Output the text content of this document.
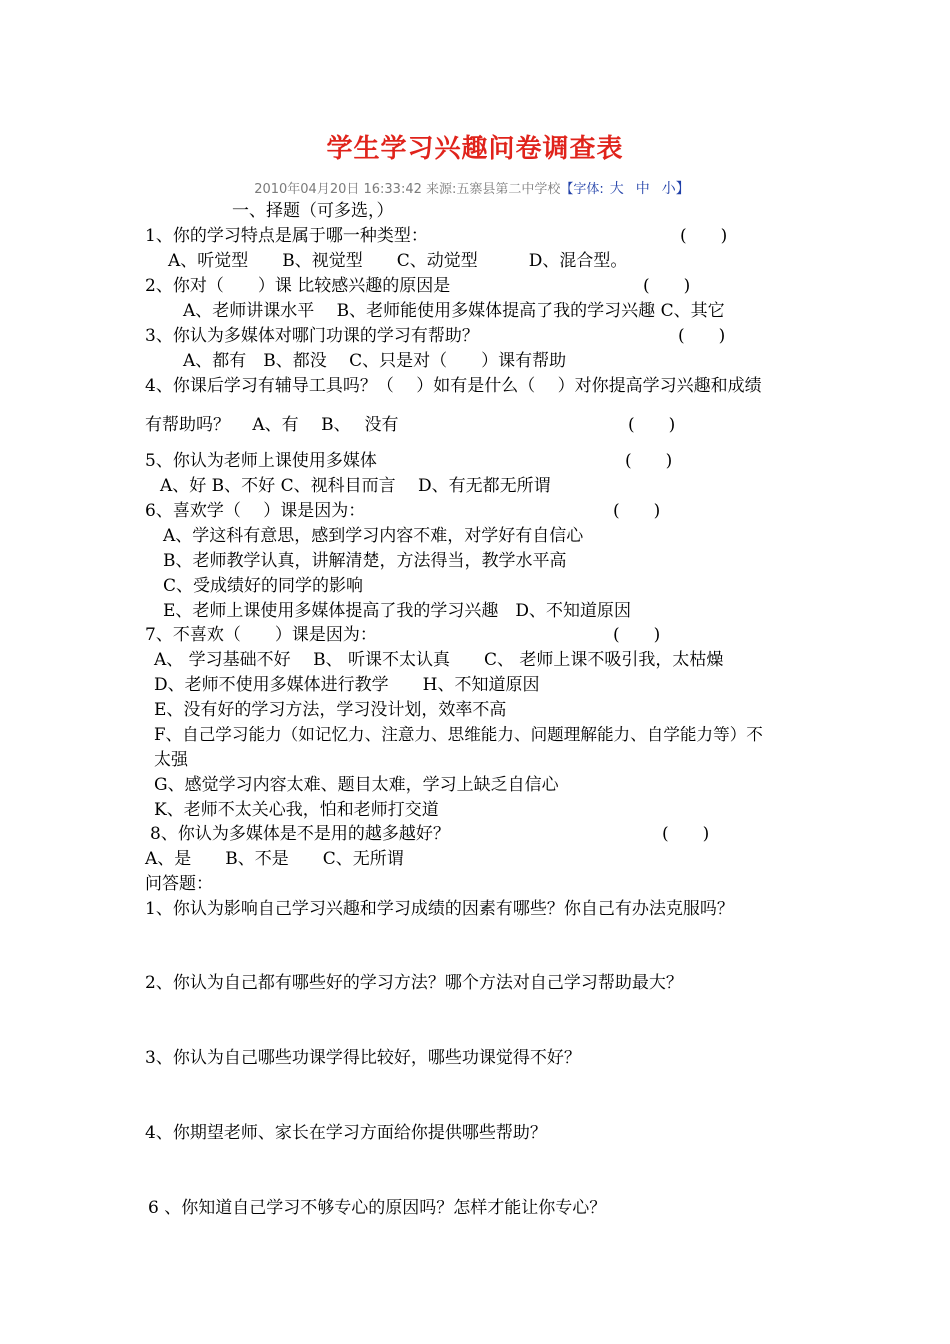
学生学习兴趣问卷调查表
2010年04月20日 16:33:42 来源:五寨县第二中学校【字体: 大 中 小】
一、择题（可多选，）
1、你的学习特点是属于哪一种类型：	(　　)
A、听觉型　　B、视觉型　　C、动觉型　　　D、混合型。
2、你对（　　）课 比较感兴趣的原因是	(　　)
A、老师讲课水平　 B、老师能使用多媒体提高了我的学习兴趣 C、其它
3、你认为多媒体对哪门功课的学习有帮助？	(　　)
A、都有　B、都没　 C、只是对（　　）课有帮助
4、你课后学习有辅导工具吗？（　 ）如有是什么（　 ）对你提高学习兴趣和成绩
有帮助吗？　 A、有　 B、　 没有	(　　)
5、你认为老师上课使用多媒体	(　　)
A、好 B、不好 C、视科目而言　 D、有无都无所谓
6、喜欢学（　 ）课是因为：	(　　)
A、学这科有意思，感到学习内容不难，对学好有自信心
B、老师教学认真，讲解清楚，方法得当，教学水平高
C、受成绩好的同学的影响
E、老师上课使用多媒体提高了我的学习兴趣　D、不知道原因
7、不喜欢（　　）课是因为：	(　　)
A、 学习基础不好　 B、 听课不太认真　　C、 老师上课不吸引我，太枯燥
D、老师不使用多媒体进行教学　　H、不知道原因
E、没有好的学习方法，学习没计划，效率不高
F、自己学习能力（如记忆力、注意力、思维能力、问题理解能力、自学能力等）不
太强
G、感觉学习内容太难、题目太难，学习上缺乏自信心
K、老师不太关心我，怕和老师打交道
8、你认为多媒体是不是用的越多越好？	(　　)
A、是　　B、不是　　C、无所谓
问答题：
1、你认为影响自己学习兴趣和学习成绩的因素有哪些？你自己有办法克服吗？
2、你认为自己都有哪些好的学习方法？哪个方法对自己学习帮助最大？
3、你认为自己哪些功课学得比较好，哪些功课觉得不好？
4、你期望老师、家长在学习方面给你提供哪些帮助？
6 、你知道自己学习不够专心的原因吗？怎样才能让你专心？
